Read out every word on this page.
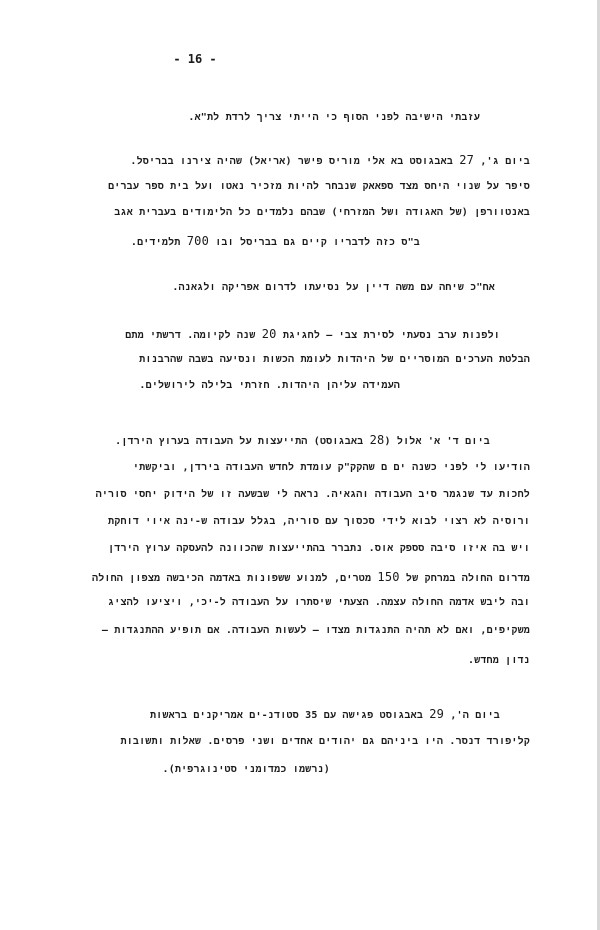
- 16 -
עזבתי הישיבה לפני הסוף כי הייתי צריך לרדת לת"א.
ביום ג', 27 באבגוסט בא אלי מוריס פישר (אריאל) שהיה צירנו בבריסל.
סיפר על שנוי היחס מצד ספאאק שנבחר להיות מזכיר נאטו ועל בית ספר עברים
באנטוורפן (של האגודה ושל המזרחי) שבהם נלמדים כל הלימודים בעברית אגב
ב"ס כזה לדבריו קיים גם בבריסל ובו 700 תלמידים.
אח"כ שיחה עם משה דיין על נסיעתו לדרום אפריקה ולגאנה.
ולפנות ערב נסעתי לסירת צבי – לחגיגת 20 שנה לקיומה. דרשתי מתם
הבלטת הערכים המוסריים של היהדות לעומת הכשות ונסיעה בשבה שהרבנות
העמידה עליהן היהדות. חזרתי בלילה לירושלים.
ביום ד' א' אלול (28 באבגוסט) התייעצות על העבודה בערוץ הירדן.
הודיעו לי לפני כשנה ים ם שהקק"ק עומדת לחדש העבודה בירדן, וביקשתי
לחכות עד שנגמר סיב העבודה והגאיה. נראה לי שבשעה זו של הידוק יחסי סוריה
ורוסיה לא רצוי לבוא לידי סכסוך עם סוריה, בגלל עבודה ש-ינה איוי דוחקת
ויש בה איזו סיבה סספק אוס. נתברר בהתייעצות שהכוונה להעסקה ערוץ הירדן
מדרום החולה במרחק של 150 מטרים, למנוע ששפונות באדמה הכיבשה מצפון החולה
ובה ליבש אדמה החולה עצמה. הצעתי שיסתרו על העבודה ל-יכי, ויציעו להציג
משקיפים, ואם לא תהיה התנגדות מצדו – לעשות העבודה. אם תופיע ההתנגדות –
נדון מחדש.
ביום ה', 29 באבגוסט פגישה עם 35 סטודנ-ים אמריקנים בראשות
קליפורד דנסר. היו ביניהם גם יהודים אחדים ושני פרסים. שאלות ותשובות
(נרשמו כמדומני סטינוגרפית).
